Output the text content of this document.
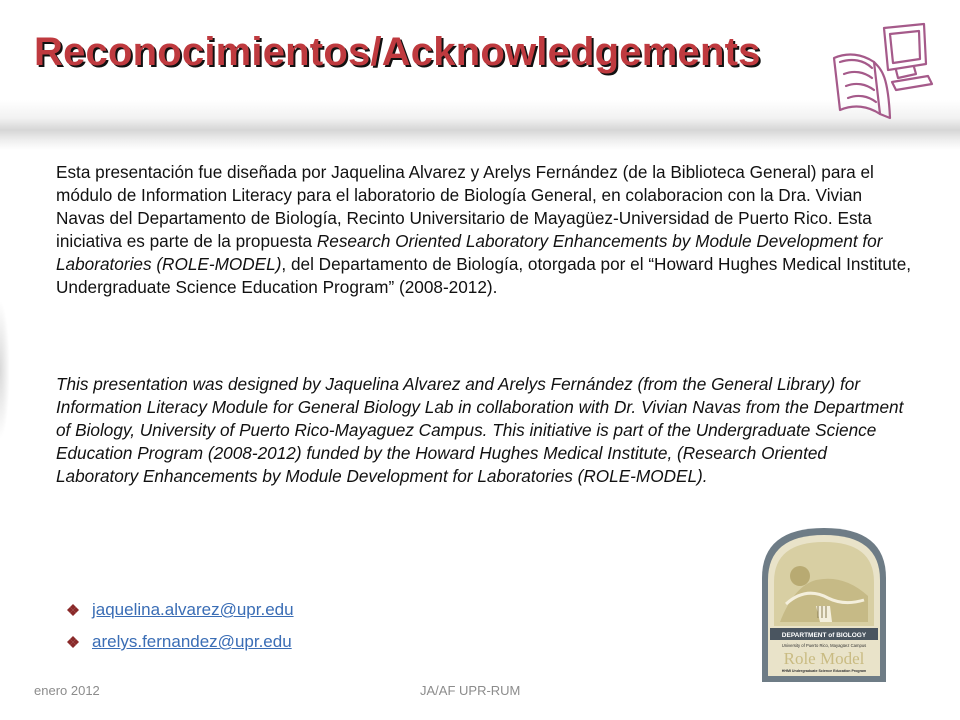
Reconocimientos/Acknowledgements

Esta presentación fue diseñada por Jaquelina Alvarez y Arelys Fernández (de la Biblioteca General) para el módulo de Information Literacy para el laboratorio de Biología General, en colaboracion con la Dra. Vivian Navas del Departamento de Biología, Recinto Universitario de Mayagüez-Universidad de Puerto Rico. Esta iniciativa es parte de la propuesta Research Oriented Laboratory Enhancements by Module Development for Laboratories (ROLE-MODEL), del Departamento de Biología, otorgada por el “Howard Hughes Medical Institute, Undergraduate Science Education Program” (2008-2012).

This presentation was designed by Jaquelina Alvarez and Arelys Fernández (from the General Library) for Information Literacy Module for General Biology Lab in collaboration with Dr. Vivian Navas from the Department of Biology, University of Puerto Rico-Mayaguez Campus. This initiative is part of the Undergraduate Science Education Program (2008-2012) funded by the Howard Hughes Medical Institute, (Research Oriented Laboratory Enhancements by Module Development for Laboratories (ROLE-MODEL).

jaquelina.alvarez@upr.edu
arelys.fernandez@upr.edu	DEPARTMENT of BIOLOGY
University of Puerto Rico, Mayagüez Campus
Role Model
HHMI Undergraduate Science Education Program
enero 2012	JA/AF UPR-RUM
